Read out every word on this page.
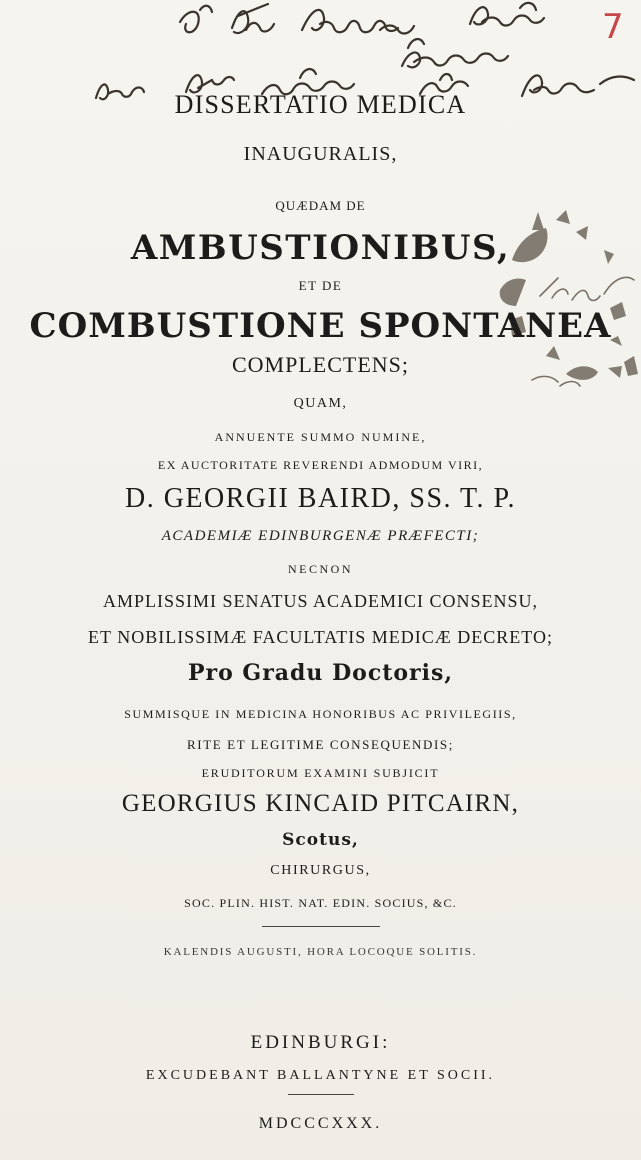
7
DISSERTATIO MEDICA
INAUGURALIS,
QUÆDAM DE
AMBUSTIONIBUS,
ET DE
COMBUSTIONE SPONTANEA
COMPLECTENS;
QUAM,
ANNUENTE SUMMO NUMINE,
EX AUCTORITATE REVERENDI ADMODUM VIRI,
D. GEORGII BAIRD, SS. T. P.
ACADEMIÆ EDINBURGENÆ PRÆFECTI;
NECNON
AMPLISSIMI SENATUS ACADEMICI CONSENSU,
ET NOBILISSIMÆ FACULTATIS MEDICÆ DECRETO;
Pro Gradu Doctoris,
SUMMISQUE IN MEDICINA HONORIBUS AC PRIVILEGIIS,
RITE ET LEGITIME CONSEQUENDIS;
ERUDITORUM EXAMINI SUBJICIT
GEORGIUS KINCAID PITCAIRN,
Scotus,
CHIRURGUS,
SOC. PLIN. HIST. NAT. EDIN. SOCIUS, &C.
KALENDIS AUGUSTI, HORA LOCOQUE SOLITIS.
EDINBURGI:
EXCUDEBANT BALLANTYNE ET SOCII.
MDCCCXXX.
